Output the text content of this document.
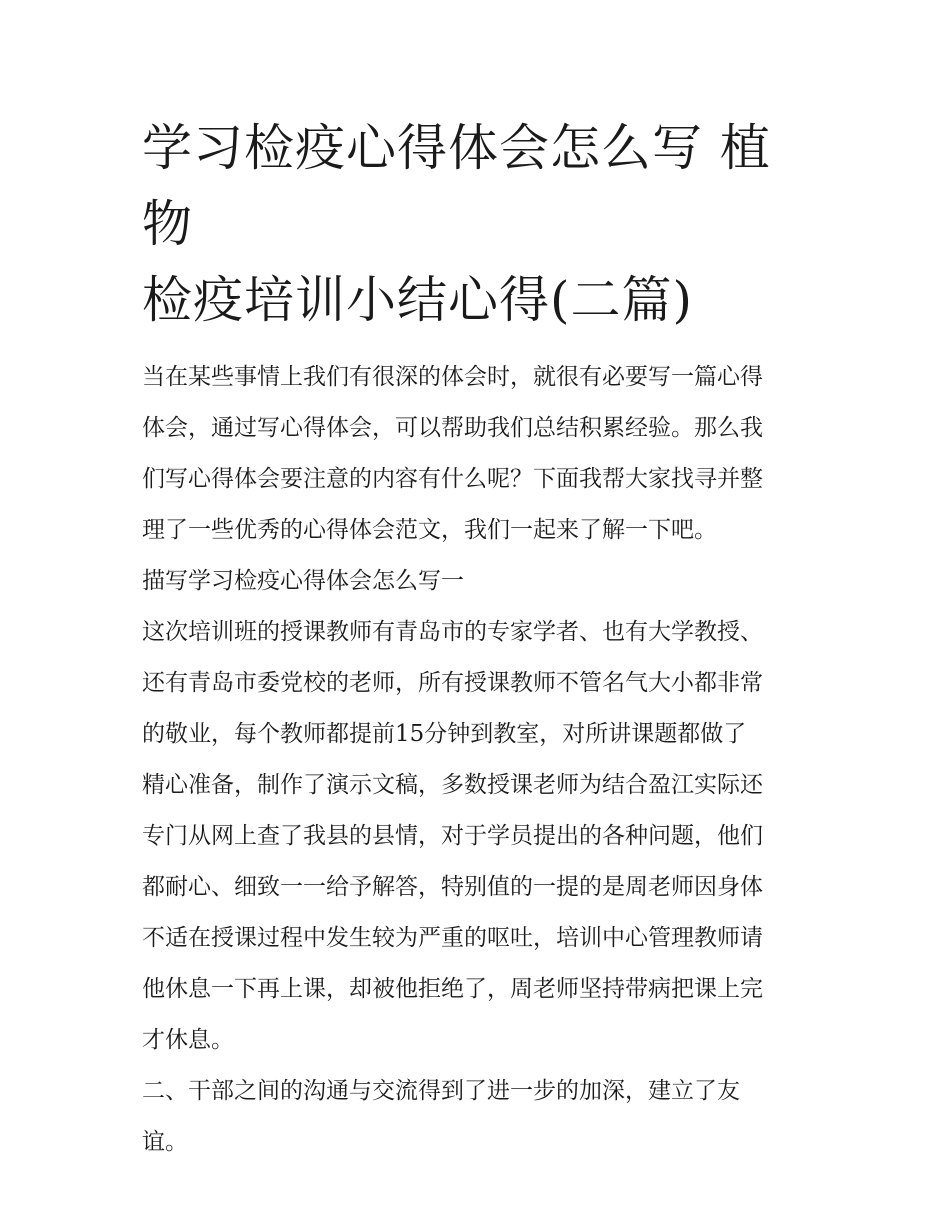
学习检疫心得体会怎么写 植物
检疫培训小结心得(二篇)

当在某些事情上我们有很深的体会时，就很有必要写一篇心得

体会，通过写心得体会，可以帮助我们总结积累经验。那么我

们写心得体会要注意的内容有什么呢？下面我帮大家找寻并整

理了一些优秀的心得体会范文，我们一起来了解一下吧。

描写学习检疫心得体会怎么写一

这次培训班的授课教师有青岛市的专家学者、也有大学教授、

还有青岛市委党校的老师，所有授课教师不管名气大小都非常

的敬业，每个教师都提前15分钟到教室，对所讲课题都做了

精心准备，制作了演示文稿，多数授课老师为结合盈江实际还

专门从网上查了我县的县情，对于学员提出的各种问题，他们

都耐心、细致一一给予解答，特别值的一提的是周老师因身体

不适在授课过程中发生较为严重的呕吐，培训中心管理教师请

他休息一下再上课，却被他拒绝了，周老师坚持带病把课上完

才休息。

二、干部之间的沟通与交流得到了进一步的加深，建立了友

谊。
